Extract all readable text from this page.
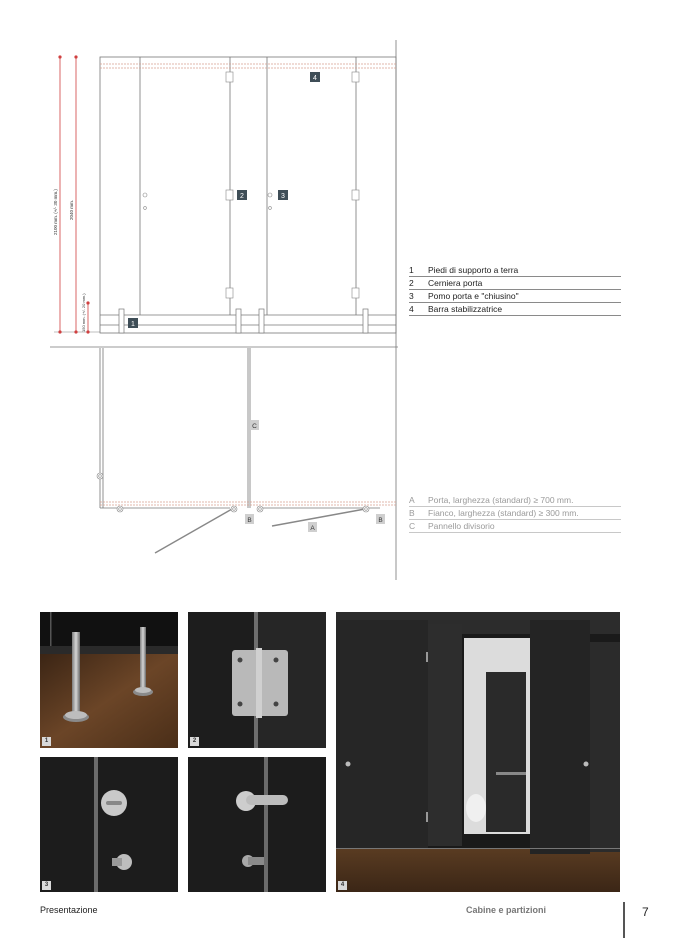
2100 mm. (+/- 30 mm.) 2040 mm.
150 mm. (+/- 20 mm.)	1
2	3
4
1 Piedi di supporto a terra
2 Cerniera porta
3 Pomo porta e "chiusino"
4 Barra stabilizzatrice
C
B	B
A
A Porta, larghezza (standard) ≥ 700 mm.
B Fianco, larghezza (standard) ≥ 300 mm.
C Pannello divisorio
1	2
3	4
Presentazione	Cabine e partizioni	7
